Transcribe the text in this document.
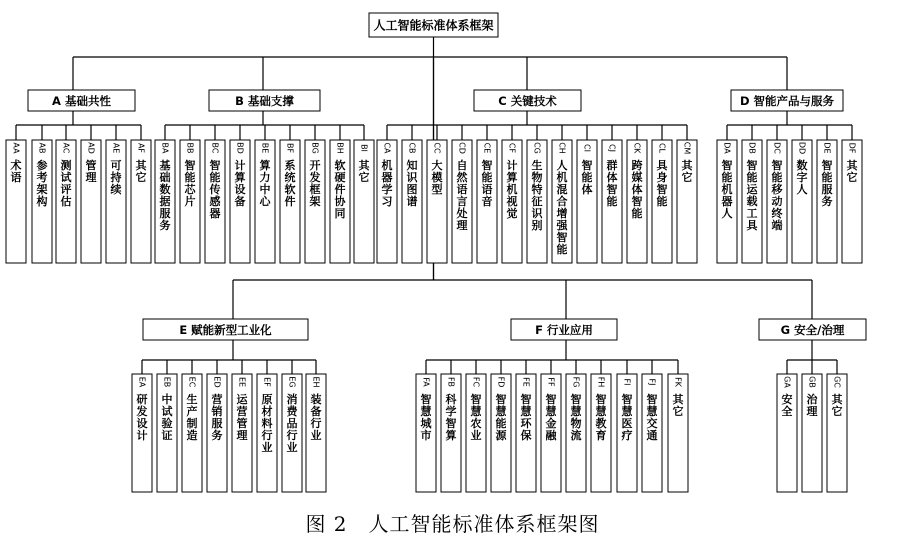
人工智能标准体系框架
A 基础共性
AA
术语
AB
参考架构
AC
测试评估
AD
管理
AE
可持续
AF
其它
B 基础支撑
BA
基础数据服务
BB
智能芯片
BC
智能传感器
BD
计算设备
BE
算力中心
BF
系统软件
BG
开发框架
BH
软硬件协同
BI
其它
C 关键技术
CA
机器学习
CB
知识图谱
CC
大模型
CD
自然语言处理
CE
智能语音
CF
计算机视觉
CG
生物特征识别
CH
人机混合增强智能
CI
智能体
CJ
群体智能
CK
跨媒体智能
CL
具身智能
CM
其它
D 智能产品与服务
DA
智能机器人
DB
智能运载工具
DC
智能移动终端
DD
数字人
DE
智能服务
DF
其它
E 赋能新型工业化
EA
研发设计
EB
中试验证
EC
生产制造
ED
营销服务
EE
运营管理
EF
原材料行业
EG
消费品行业
EH
装备行业
F 行业应用
FA
智慧城市
FB
科学智算
FC
智慧农业
FD
智慧能源
FE
智慧环保
FF
智慧金融
FG
智慧物流
FH
智慧教育
FI
智慧医疗
FJ
智慧交通
FK
其它
G 安全/治理
GA
安全
GB
治理
GC
其它
图 2　人工智能标准体系框架图
